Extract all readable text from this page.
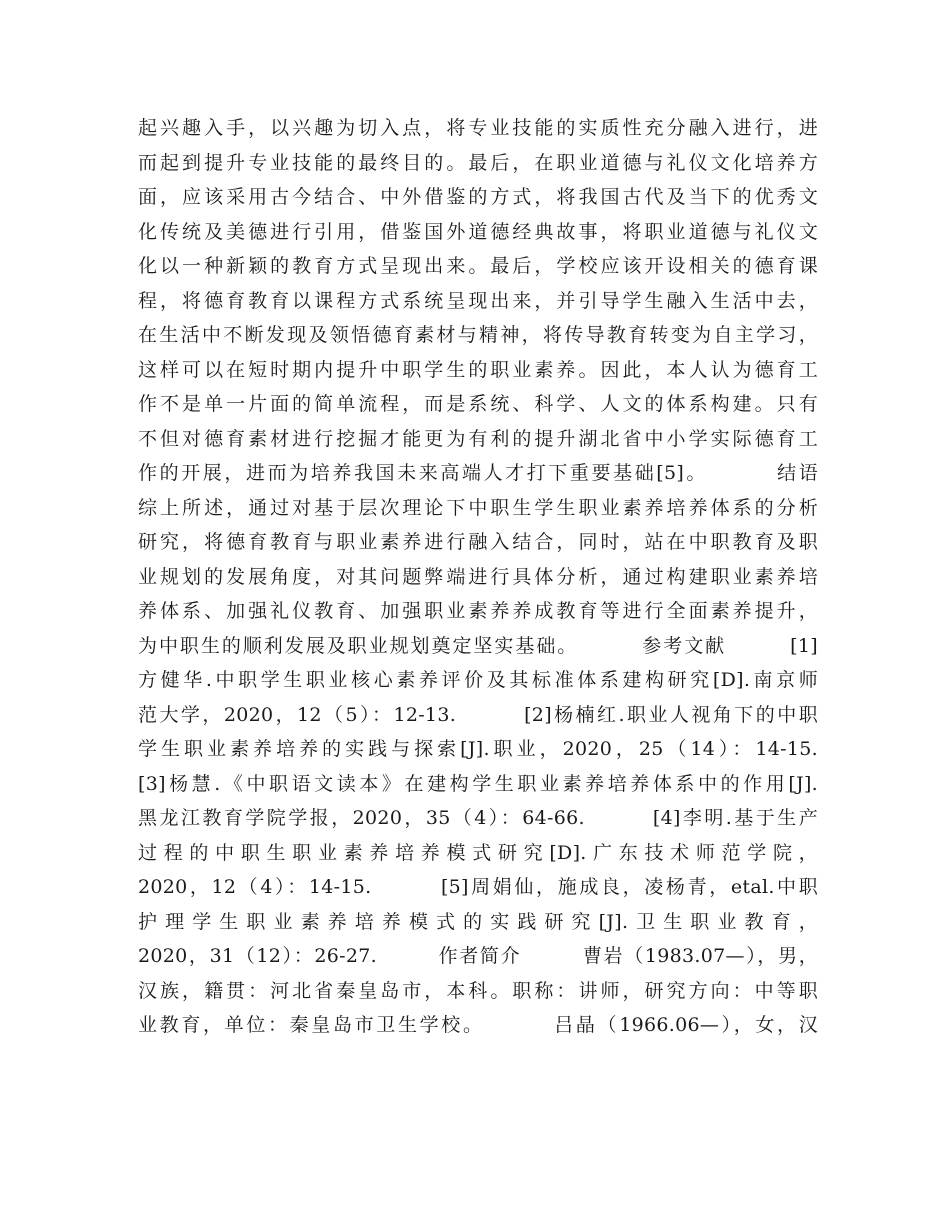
起兴趣入手，以兴趣为切入点，将专业技能的实质性充分融入进行，进
而起到提升专业技能的最终目的。最后，在职业道德与礼仪文化培养方
面，应该采用古今结合、中外借鉴的方式，将我国古代及当下的优秀文
化传统及美德进行引用，借鉴国外道德经典故事，将职业道德与礼仪文
化以一种新颖的教育方式呈现出来。最后，学校应该开设相关的德育课
程，将德育教育以课程方式系统呈现出来，并引导学生融入生活中去，
在生活中不断发现及领悟德育素材与精神，将传导教育转变为自主学习，
这样可以在短时期内提升中职学生的职业素养。因此，本人认为德育工
作不是单一片面的简单流程，而是系统、科学、人文的体系构建。只有
不但对德育素材进行挖掘才能更为有利的提升湖北省中小学实际德育工
作的开展，进而为培养我国未来高端人才打下重要基础[5]。        结语
综上所述，通过对基于层次理论下中职生学生职业素养培养体系的分析
研究，将德育教育与职业素养进行融入结合，同时，站在中职教育及职
业规划的发展角度，对其问题弊端进行具体分析，通过构建职业素养培
养体系、加强礼仪教育、加强职业素养养成教育等进行全面素养提升，
为中职生的顺利发展及职业规划奠定坚实基础。        参考文献        [1]
方健华.中职学生职业核心素养评价及其标准体系建构研究[D].南京师
范大学，2020，12（5）：12-13.        [2]杨楠红.职业人视角下的中职
学生职业素养培养的实践与探索[J].职业，2020，25（14）：14-15.
[3]杨慧.《中职语文读本》在建构学生职业素养培养体系中的作用[J].
黑龙江教育学院学报，2020，35（4）：64-66.        [4]李明.基于生产
过程的中职生职业素养培养模式研究[D].广东技术师范学院，
2020，12（4）：14-15.        [5]周娟仙，施成良，凌杨青，etal.中职
护理学生职业素养培养模式的实践研究[J].卫生职业教育，
2020，31（12）：26-27.        作者简介        曹岩（1983.07—），男，
汉族，籍贯：河北省秦皇岛市，本科。职称：讲师，研究方向：中等职
业教育，单位：秦皇岛市卫生学校。        吕晶（1966.06—），女，汉
